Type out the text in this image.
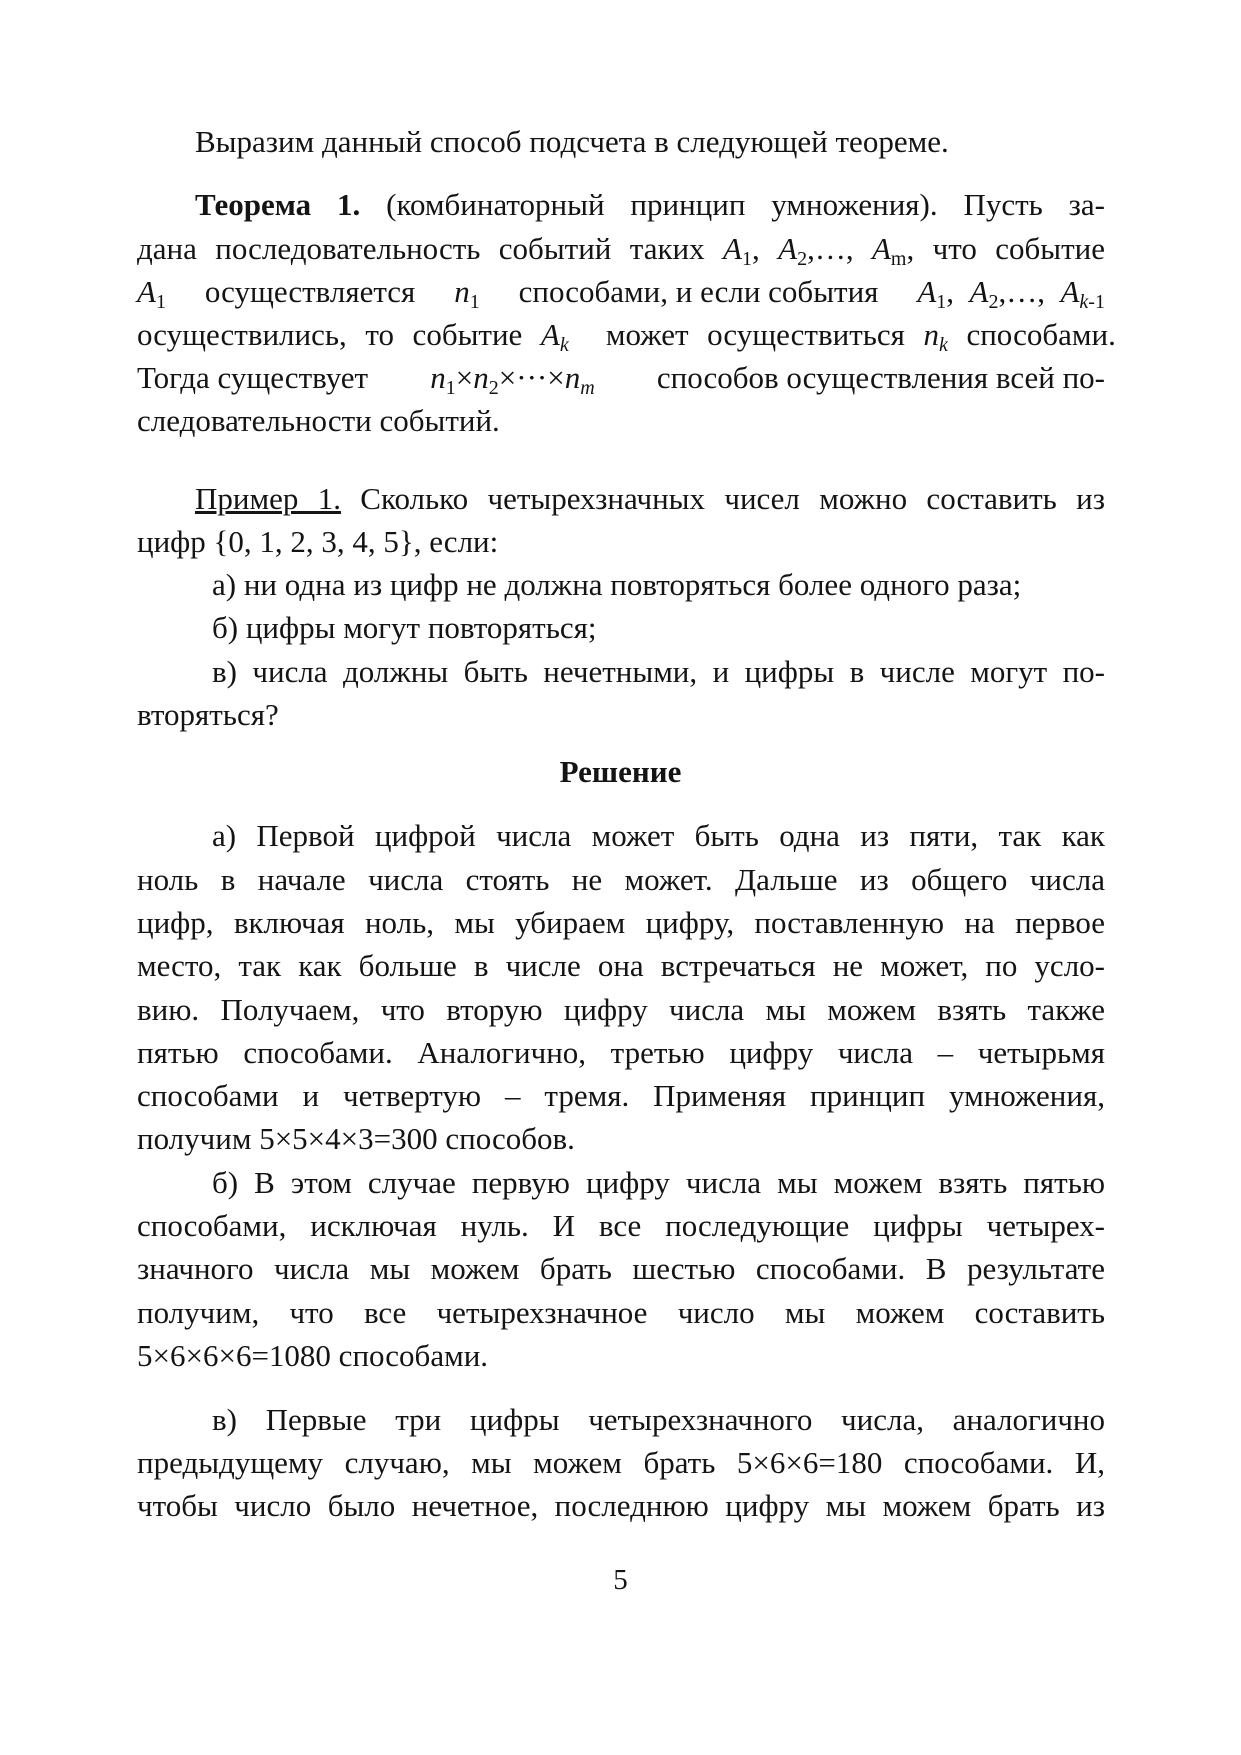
Выразим данный способ подсчета в следующей теореме.
Теорема 1. (комбинаторный принцип умножения). Пусть за-
дана последовательность событий таких $A_1$, $A_2,\dots$, $A_m$, что событие
$A_1$ осуществляется $n_1$ способами, и если события $A_1$,  $A_2,\dots$,  $A_{k-1}$
осуществились, то событие $A_k$ может осуществиться $n_k$ способами.
Тогда существует $n_1\times n_2\times\cdot\cdot\cdot\times n_m$ способов осуществления всей по-
следовательности событий.
Пример 1. Сколько четырехзначных чисел можно составить из
цифр {0, 1, 2, 3, 4, 5}, если:
а) ни одна из цифр не должна повторяться более одного раза;
б) цифры могут повторяться;
в) числа должны быть нечетными, и цифры в числе могут по-
вторяться?
Решение
а) Первой цифрой числа может быть одна из пяти, так как
ноль в начале числа стоять не может. Дальше из общего числа
цифр, включая ноль, мы убираем цифру, поставленную на первое
место, так как больше в числе она встречаться не может, по усло-
вию. Получаем, что вторую цифру числа мы можем взять также
пятью способами. Аналогично, третью цифру числа – четырьмя
способами и четвертую – тремя. Применяя принцип умножения,
получим 5×5×4×3=300 способов.
б) В этом случае первую цифру числа мы можем взять пятью
способами, исключая нуль. И все последующие цифры четырех-
значного числа мы можем брать шестью способами. В результате
получим, что все четырехзначное число мы можем составить
5×6×6×6=1080 способами.
в) Первые три цифры четырехзначного числа, аналогично
предыдущему случаю, мы можем брать 5×6×6=180 способами. И,
чтобы число было нечетное, последнюю цифру мы можем брать из
5
